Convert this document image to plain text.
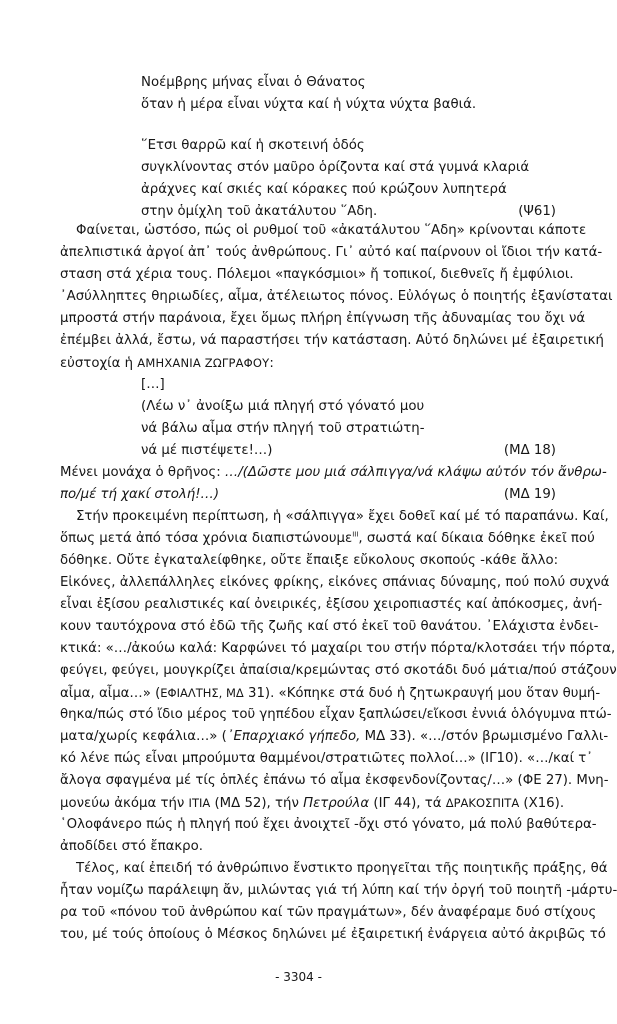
Νοέμβρης μήνας εἶναι ὁ Θάνατος
ὅταν ἡ μέρα εἶναι νύχτα καί ἡ νύχτα νύχτα βαθιά.
῞Ετσι θαρρῶ καί ἡ σκοτεινή ὁδός
συγκλίνοντας στόν μαῦρο ὁρίζοντα καί στά γυμνά κλαριά
ἀράχνες καί σκιές καί κόρακες πού κρώζουν λυπητερά
στην ὁμίχλη τοῦ ἀκατάλυτου ῞Αδη.	(Ψ61)
Φαίνεται, ὡστόσο, πώς οἱ ρυθμοί τοῦ «ἀκατάλυτου ῞Αδη» κρίνονται κάποτε
ἀπελπιστικά ἀργοί ἀπ᾽ τούς ἀνθρώπους. Γι᾽ αὐτό καί παίρνουν οἱ ἴδιοι τήν κατά-
σταση στά χέρια τους. Πόλεμοι «παγκόσμιοι» ἤ τοπικοί, διεθνεῖς ἤ ἐμφύλιοι.
᾽Ασύλληπτες θηριωδίες, αἷμα, ἀτέλειωτος πόνος. Εὐλόγως ὁ ποιητής ἐξανίσταται
μπροστά στήν παράνοια, ἔχει ὅμως πλήρη ἐπίγνωση τῆς ἀδυναμίας του ὄχι νά
ἐπέμβει ἀλλά, ἔστω, νά παραστήσει τήν κατάσταση. Αὐτό δηλώνει μέ ἐξαιρετική
εὐστοχία ἡ ΑΜΗΧΑΝΙΑ ΖΩΓΡΑΦΟΥ:
[…]
(Λέω ν᾽ ἀνοίξω μιά πληγή στό γόνατό μου
νά βάλω αἷμα στήν πληγή τοῦ στρατιώτη-
νά μέ πιστέψετε!…)	(ΜΔ 18)
Μένει μονάχα ὁ θρῆνος: …/(Δῶστε μου μιά σάλπιγγα/νά κλάψω αὐτόν τόν ἄνθρω-
πο/μέ τή χακί στολή!…)	(ΜΔ 19)
Στήν προκειμένη περίπτωση, ἡ «σάλπιγγα» ἔχει δοθεῖ καί μέ τό παραπάνω. Καί,
ὅπως μετά ἀπό τόσα χρόνια διαπιστώνουμε$^{III}$, σωστά καί δίκαια δόθηκε ἐκεῖ πού
δόθηκε. Οὔτε ἐγκαταλείφθηκε, οὔτε ἔπαιξε εὔκολους σκοπούς -κάθε ἄλλο:
Εἰκόνες, ἀλλεπάλληλες εἰκόνες φρίκης, εἰκόνες σπάνιας δύναμης, πού πολύ συχνά
εἶναι ἐξίσου ρεαλιστικές καί ὀνειρικές, ἐξίσου χειροπιαστές καί ἀπόκοσμες, ἀνή-
κουν ταυτόχρονα στό ἐδῶ τῆς ζωῆς καί στό ἐκεῖ τοῦ θανάτου. ᾽Ελάχιστα ἐνδει-
κτικά: «…/ἀκούω καλά: Καρφώνει τό μαχαίρι του στήν πόρτα/κλοτσάει τήν πόρτα,
φεύγει, φεύγει, μουγκρίζει ἀπαίσια/κρεμώντας στό σκοτάδι δυό μάτια/πού στάζουν
αἷμα, αἷμα…» (ΕΦΙΑΛΤΗΣ, ΜΔ 31). «Κόπηκε στά δυό ἡ ζητωκραυγή μου ὅταν θυμή-
θηκα/πώς στό ἴδιο μέρος τοῦ γηπέδου εἶχαν ξαπλώσει/εἴκοσι ἐννιά ὁλόγυμνα πτώ-
ματα/χωρίς κεφάλια…» (᾽Επαρχιακό γήπεδο, ΜΔ 33). «…/στόν βρωμισμένο Γαλλι-
κό λένε πώς εἶναι μπρούμυτα θαμμένοι/στρατιῶτες πολλοί…» (ΙΓ10). «…/καί τ᾽
ἄλογα σφαγμένα μέ τίς ὁπλές ἐπάνω τό αἷμα ἐκσφενδονίζοντας/…» (ΦΕ 27). Μνη-
μονεύω ἀκόμα τήν ΙΤΙΑ (ΜΔ 52), τήν Πετρούλα (ΙΓ 44), τά ΔΡΑΚΟΣΠΙΤΑ (Χ16).
῾Ολοφάνερο πώς ἡ πληγή πού ἔχει ἀνοιχτεῖ -ὄχι στό γόνατο, μά πολύ βαθύτερα-
ἀποδίδει στό ἔπακρο.
Τέλος, καί ἐπειδή τό ἀνθρώπινο ἔνστικτο προηγεῖται τῆς ποιητικῆς πράξης, θά
ἦταν νομίζω παράλειψη ἄν, μιλώντας γιά τή λύπη καί τήν ὀργή τοῦ ποιητῆ -μάρτυ-
ρα τοῦ «πόνου τοῦ ἀνθρώπου καί τῶν πραγμάτων», δέν ἀναφέραμε δυό στίχους
του, μέ τούς ὁποίους ὁ Μέσκος δηλώνει μέ ἐξαιρετική ἐνάργεια αὐτό ἀκριβῶς τό
- 3304 -
